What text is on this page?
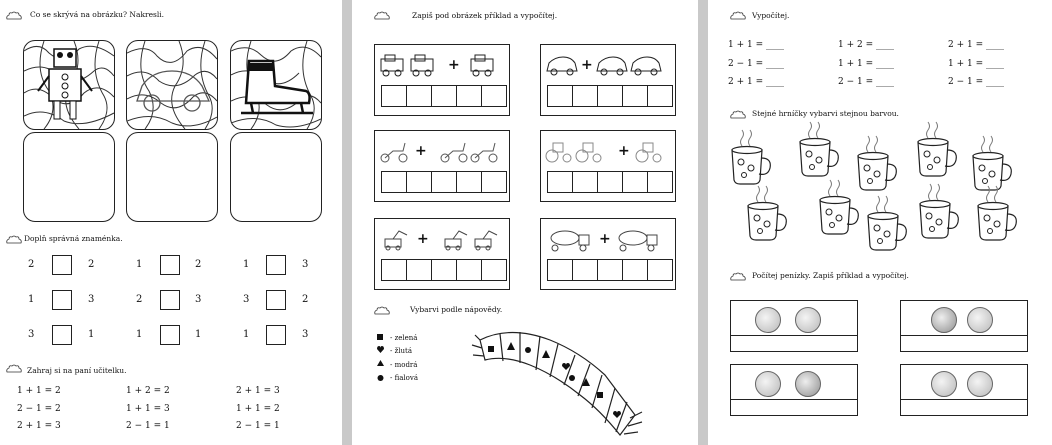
Co se skrývá na obrázku? Nakresli.
Doplň správná znaménka.
2	2	1	2	1	3
1	3	2	3	3	2
3	1	1	1	1	3
Zahraj si na paní učitelku.
1 + 1 = 2	1 + 2 = 2	2 + 1 = 3
2 − 1 = 2	1 + 1 = 3	1 + 1 = 2
2 + 1 = 3	2 − 1 = 1	2 − 1 = 1
Zapiš pod obrázek příklad a vypočítej.
+	+
+	+
+	+
Vybarvi podle nápovědy.
- zelená
- žlutá
- modrá
- fialová
Vypočítej.
1 + 1 = ____	1 + 2 = ____	2 + 1 = ____
2 − 1 = ____	1 + 1 = ____	1 + 1 = ____
2 + 1 = ____	2 − 1 = ____	2 − 1 = ____
Stejné hrníčky vybarvi stejnou barvou.
Počítej penízky. Zapiš příklad a vypočítej.
